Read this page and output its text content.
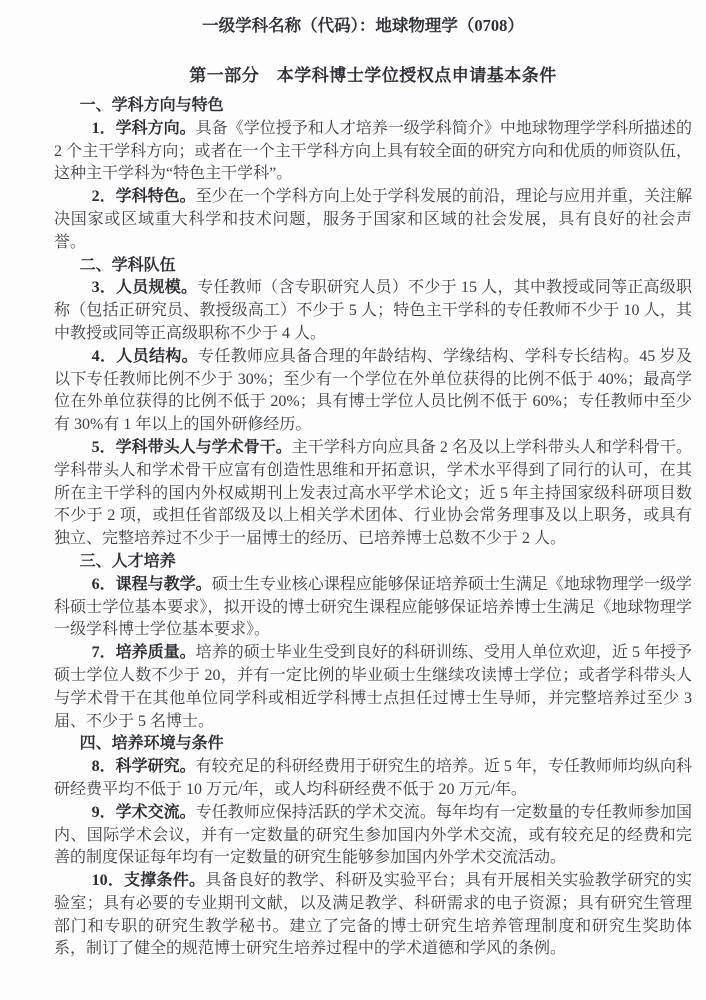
一级学科名称（代码）：地球物理学（0708）
第一部分　本学科博士学位授权点申请基本条件

一、学科方向与特色

1．学科方向。具备《学位授予和人才培养一级学科简介》中地球物理学学科所描述的 2 个主干学科方向；或者在一个主干学科方向上具有较全面的研究方向和优质的师资队伍，这种主干学科为“特色主干学科”。

2．学科特色。至少在一个学科方向上处于学科发展的前沿，理论与应用并重，关注解决国家或区域重大科学和技术问题，服务于国家和区域的社会发展，具有良好的社会声誉。

二、学科队伍

3．人员规模。专任教师（含专职研究人员）不少于 15 人，其中教授或同等正高级职称（包括正研究员、教授级高工）不少于 5 人；特色主干学科的专任教师不少于 10 人，其中教授或同等正高级职称不少于 4 人。

4．人员结构。专任教师应具备合理的年龄结构、学缘结构、学科专长结构。45 岁及以下专任教师比例不少于 30%；至少有一个学位在外单位获得的比例不低于 40%；最高学位在外单位获得的比例不低于 20%；具有博士学位人员比例不低于 60%；专任教师中至少有 30%有 1 年以上的国外研修经历。

5．学科带头人与学术骨干。主干学科方向应具备 2 名及以上学科带头人和学科骨干。学科带头人和学术骨干应富有创造性思维和开拓意识，学术水平得到了同行的认可，在其所在主干学科的国内外权威期刊上发表过高水平学术论文；近 5 年主持国家级科研项目数不少于 2 项，或担任省部级及以上相关学术团体、行业协会常务理事及以上职务，或具有独立、完整培养过不少于一届博士的经历、已培养博士总数不少于 2 人。

三、人才培养

6．课程与教学。硕士生专业核心课程应能够保证培养硕士生满足《地球物理学一级学科硕士学位基本要求》，拟开设的博士研究生课程应能够保证培养博士生满足《地球物理学一级学科博士学位基本要求》。

7．培养质量。培养的硕士毕业生受到良好的科研训练、受用人单位欢迎，近 5 年授予硕士学位人数不少于 20，并有一定比例的毕业硕士生继续攻读博士学位；或者学科带头人与学术骨干在其他单位同学科或相近学科博士点担任过博士生导师，并完整培养过至少 3 届、不少于 5 名博士。

四、培养环境与条件

8．科学研究。有较充足的科研经费用于研究生的培养。近 5 年，专任教师师均纵向科研经费平均不低于 10 万元/年，或人均科研经费不低于 20 万元/年。

9．学术交流。专任教师应保持活跃的学术交流。每年均有一定数量的专任教师参加国内、国际学术会议，并有一定数量的研究生参加国内外学术交流，或有较充足的经费和完善的制度保证每年均有一定数量的研究生能够参加国内外学术交流活动。

10．支撑条件。具备良好的教学、科研及实验平台；具有开展相关实验教学研究的实验室；具有必要的专业期刊文献，以及满足教学、科研需求的电子资源；具有研究生管理部门和专职的研究生教学秘书。建立了完备的博士研究生培养管理制度和研究生奖助体系，制订了健全的规范博士研究生培养过程中的学术道德和学风的条例。
